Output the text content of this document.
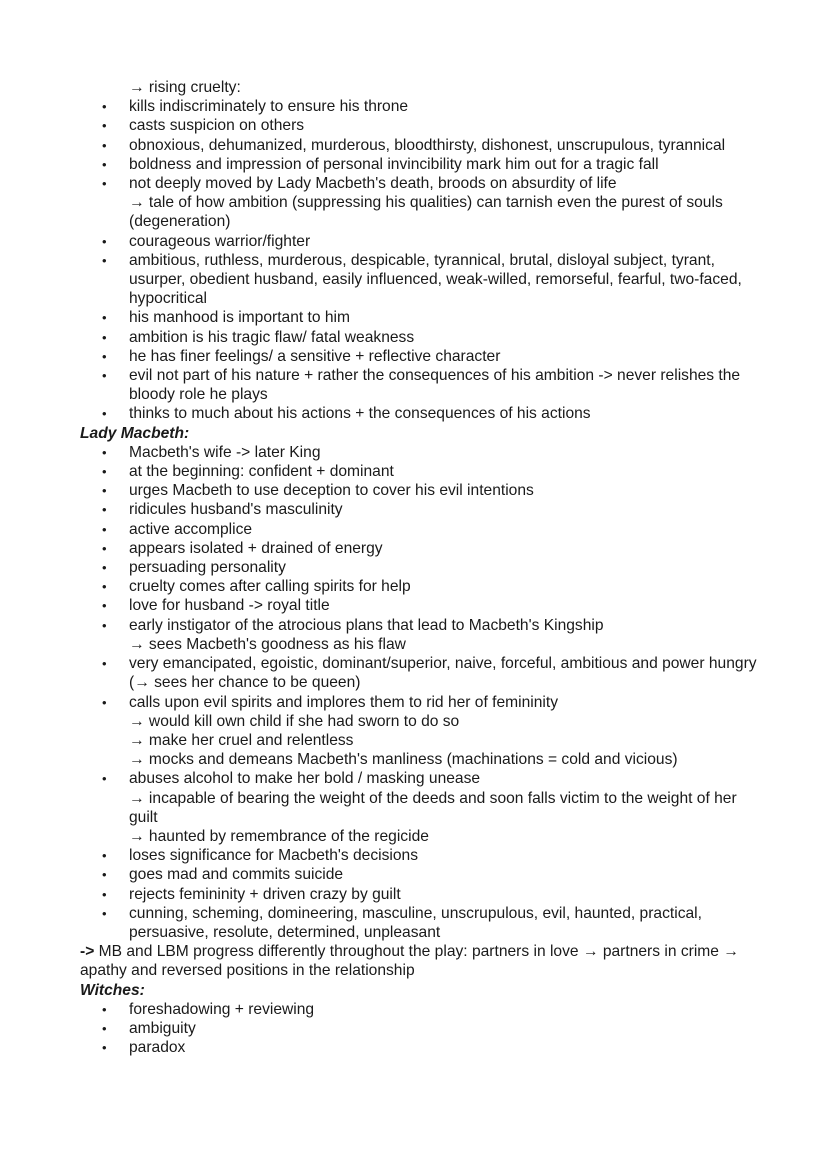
→ rising cruelty:
• kills indiscriminately to ensure his throne
• casts suspicion on others
• obnoxious, dehumanized, murderous, bloodthirsty, dishonest, unscrupulous, tyrannical
• boldness and impression of personal invincibility mark him out for a tragic fall
• not deeply moved by Lady Macbeth's death, broods on absurdity of life
→ tale of how ambition (suppressing his qualities) can tarnish even the purest of souls (degeneration)
• courageous warrior/fighter
• ambitious, ruthless, murderous, despicable, tyrannical, brutal, disloyal subject, tyrant, usurper, obedient husband, easily influenced, weak-willed, remorseful, fearful, two-faced, hypocritical
• his manhood is important to him
• ambition is his tragic flaw/ fatal weakness
• he has finer feelings/ a sensitive + reflective character
• evil not part of his nature + rather the consequences of his ambition -> never relishes the bloody role he plays
• thinks to much about his actions + the consequences of his actions
Lady Macbeth:
• Macbeth's wife -> later King
• at the beginning: confident + dominant
• urges Macbeth to use deception to cover his evil intentions
• ridicules husband's masculinity
• active accomplice
• appears isolated + drained of energy
• persuading personality
• cruelty comes after calling spirits for help
• love for husband -> royal title
• early instigator of the atrocious plans that lead to Macbeth's Kingship
→ sees Macbeth's goodness as his flaw
• very emancipated, egoistic, dominant/superior, naive, forceful, ambitious and power hungry (→ sees her chance to be queen)
• calls upon evil spirits and implores them to rid her of femininity
→ would kill own child if she had sworn to do so
→ make her cruel and relentless
→ mocks and demeans Macbeth's manliness (machinations = cold and vicious)
• abuses alcohol to make her bold / masking unease
→ incapable of bearing the weight of the deeds and soon falls victim to the weight of her guilt
→ haunted by remembrance of the regicide
• loses significance for Macbeth's decisions
• goes mad and commits suicide
• rejects femininity + driven crazy by guilt
• cunning, scheming, domineering, masculine, unscrupulous, evil, haunted, practical, persuasive, resolute, determined, unpleasant
-> MB and LBM progress differently throughout the play: partners in love → partners in crime → apathy and reversed positions in the relationship
Witches:
• foreshadowing + reviewing
• ambiguity
• paradox
